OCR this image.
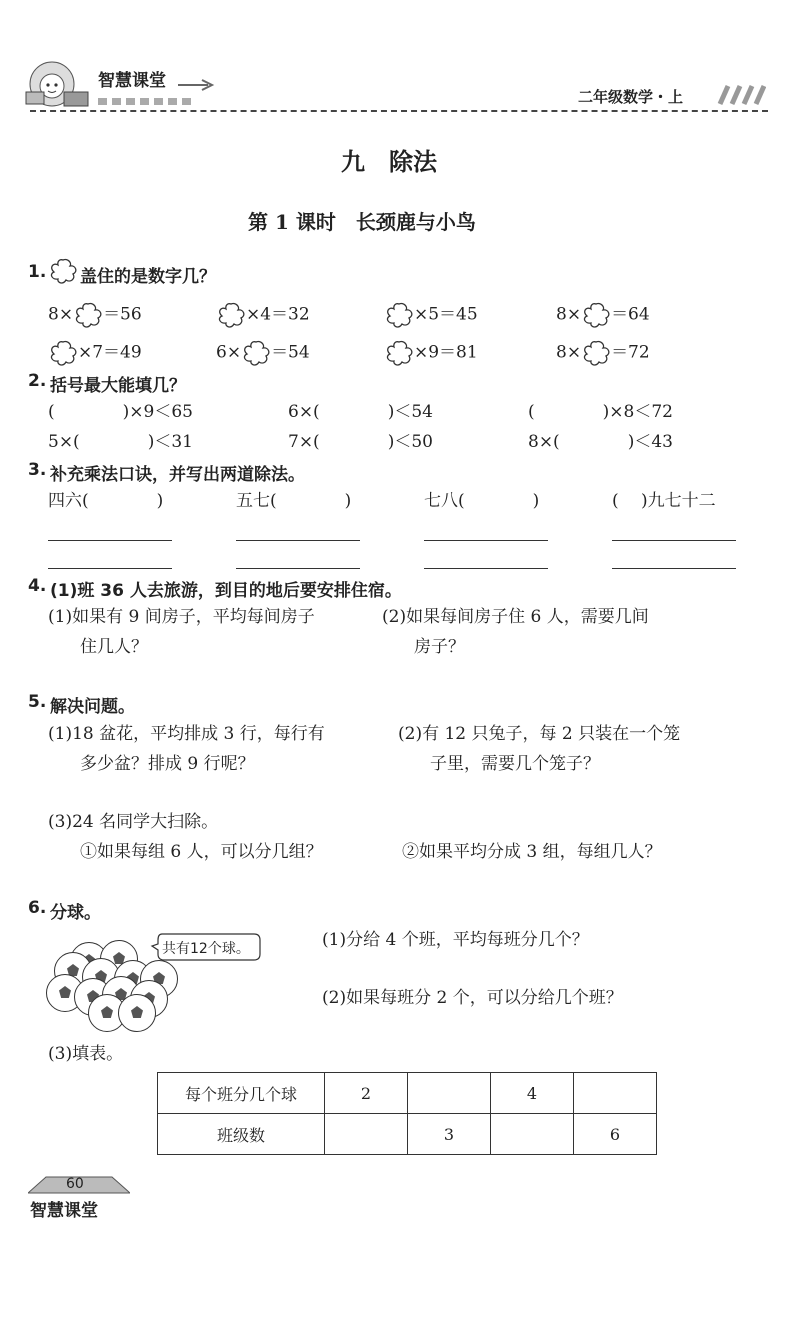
智慧课堂
二年级数学・上
九　除法
第 1 课时　长颈鹿与小鸟
1. 盖住的是数字几？
8× ＝56	×4＝32	×5＝45	8× ＝64
×7＝49	6× ＝54	×9＝81	8× ＝72
2. 括号最大能填几？
(　　　　)×9＜65	6×(　　　　)＜54	(　　　　)×8＜72
5×(　　　　)＜31	7×(　　　　)＜50	8×(　　　　)＜43
3. 补充乘法口诀，并写出两道除法。
四六(　　　　)	五七(　　　　)	七八(　　　　)	(　 )九七十二
4. (1)班 36 人去旅游，到目的地后要安排住宿。
(1)如果有 9 间房子，平均每间房子
住几人？
(2)如果每间房子住 6 人，需要几间
房子？
5. 解决问题。
(1)18 盆花，平均排成 3 行，每行有
多少盆？排成 9 行呢？
(2)有 12 只兔子，每 2 只装在一个笼
子里，需要几个笼子？
(3)24 名同学大扫除。
①如果每组 6 人，可以分几组？	②如果平均分成 3 组，每组几人？
6. 分球。
共有12个球。	(1)分给 4 个班，平均每班分几个？
(2)如果每班分 2 个，可以分给几个班？
(3)填表。
每个班分几个球	2		4	
班级数		3		6
60
智慧课堂
